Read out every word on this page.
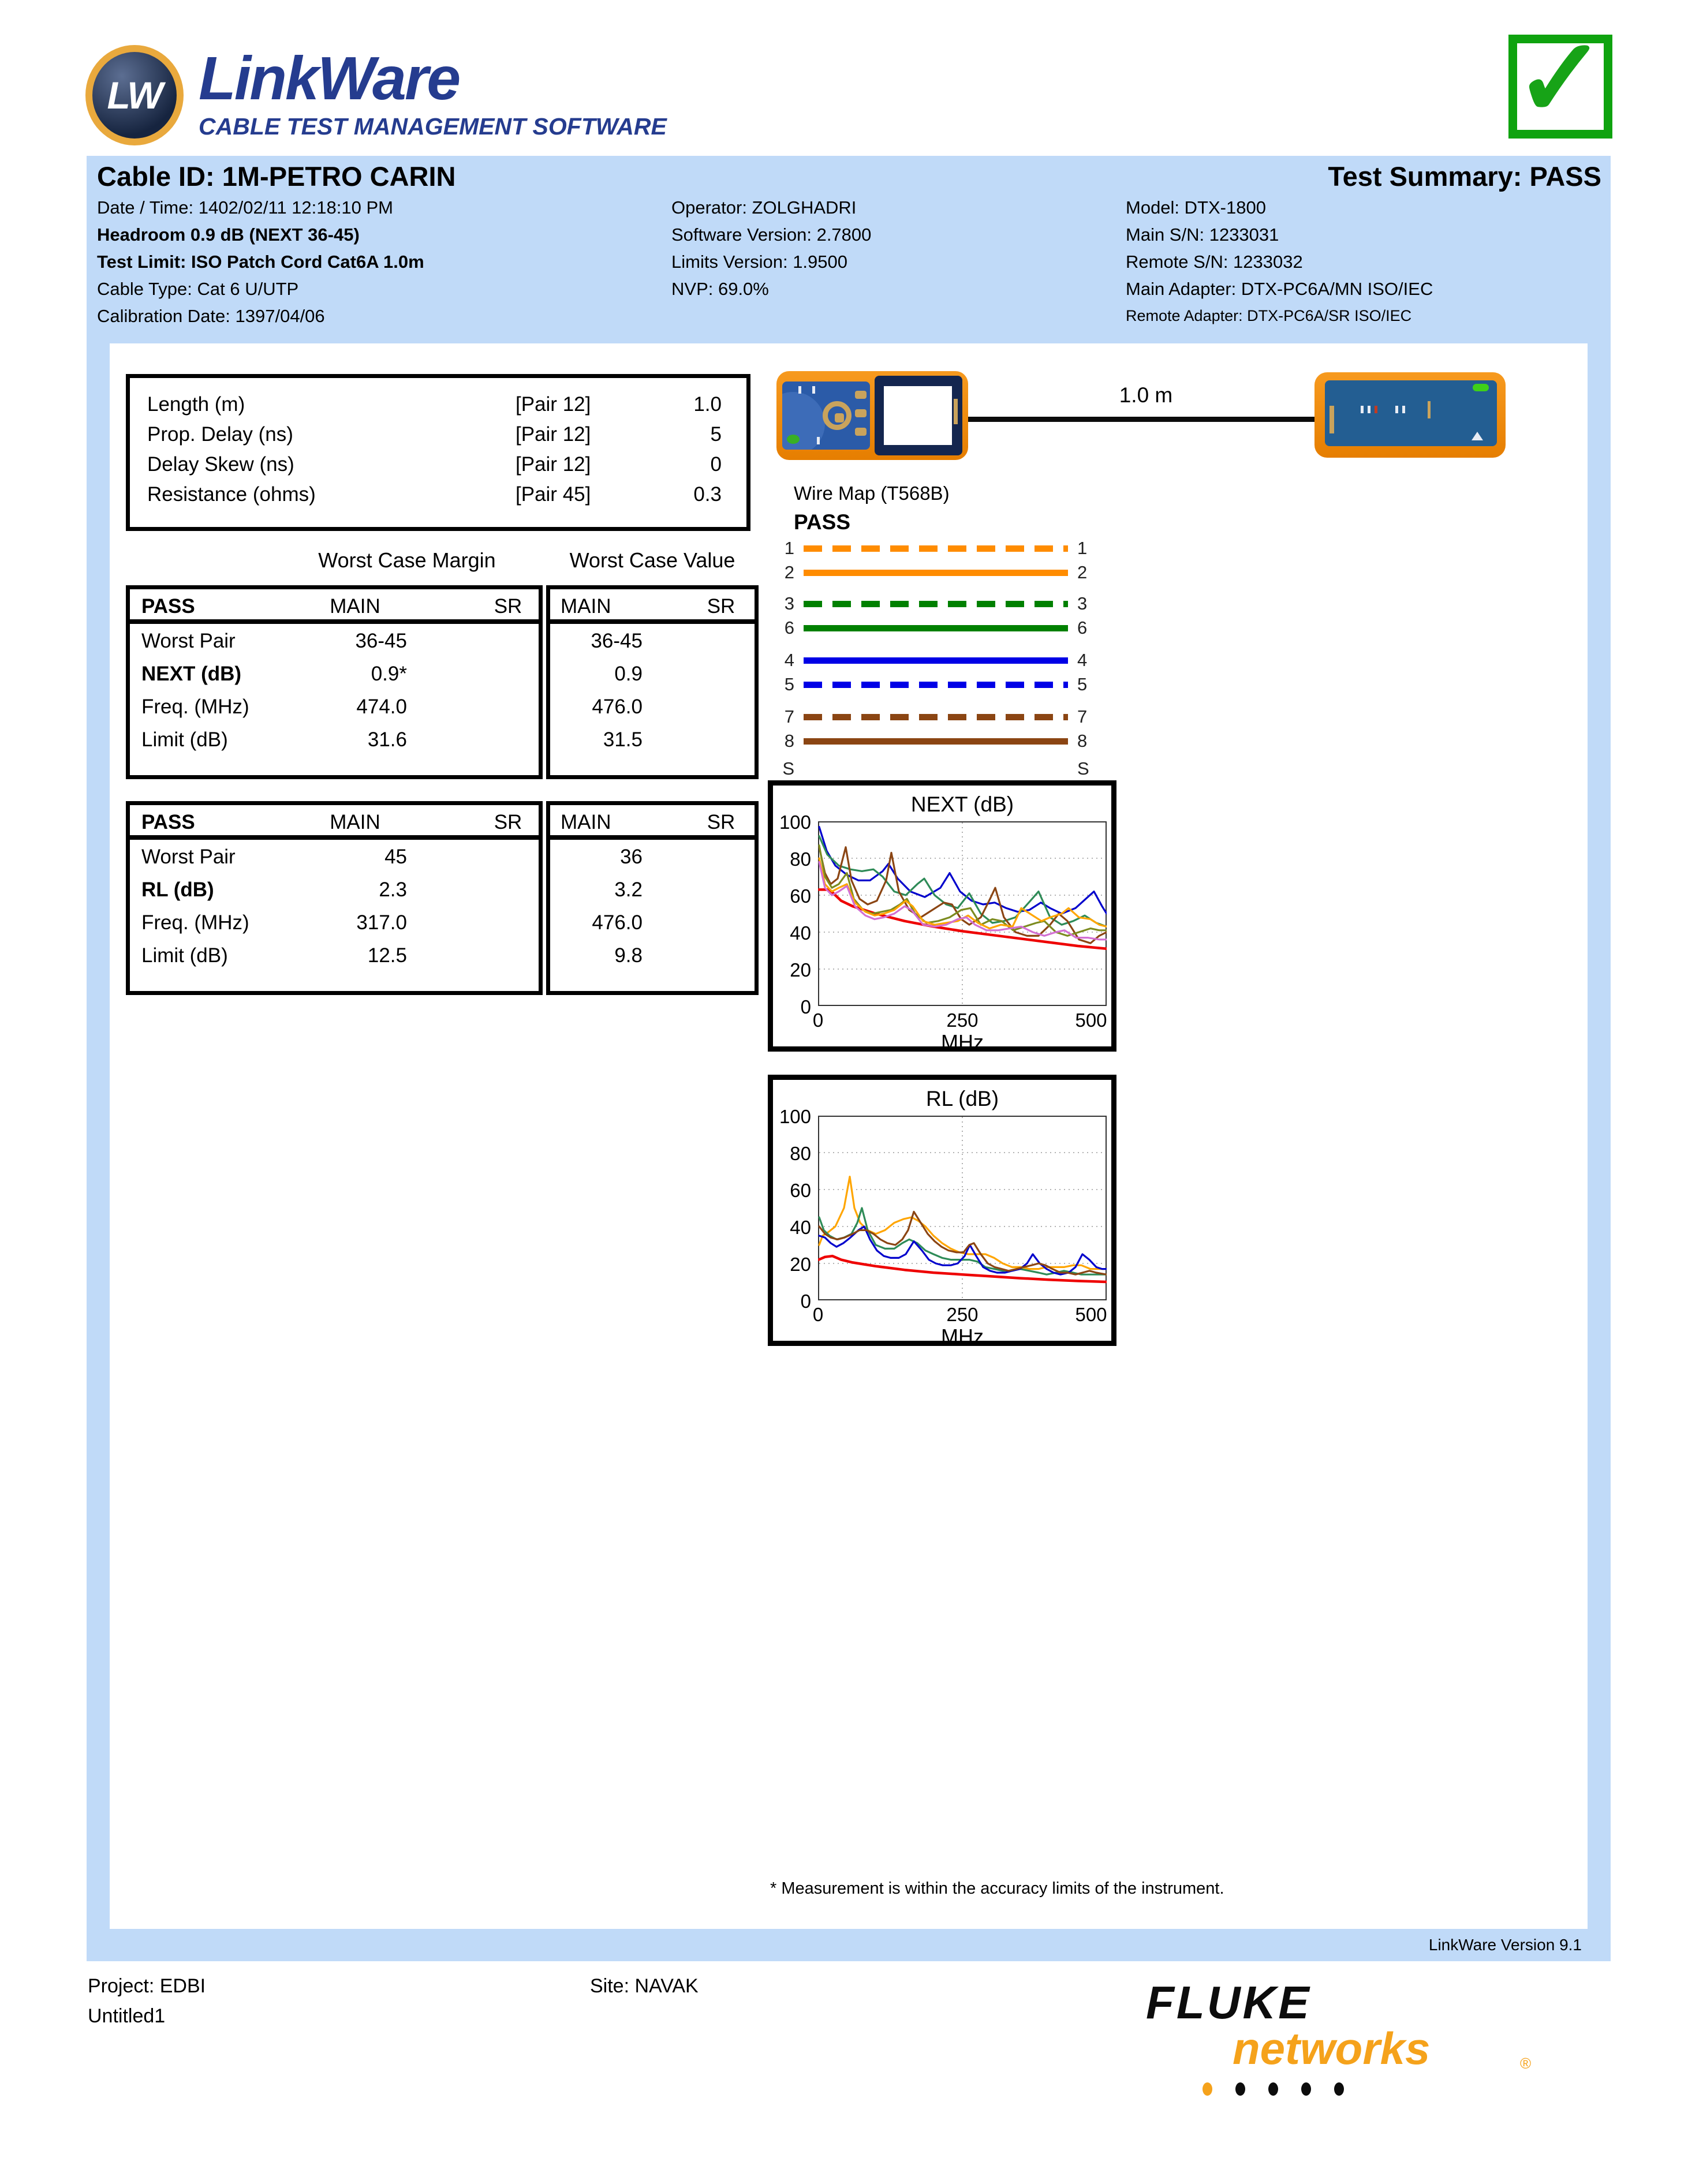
LW LinkWare
CABLE TEST MANAGEMENT SOFTWARE	✓
Cable ID: 1M-PETRO CARIN	Test Summary: PASS
Date / Time: 1402/02/11 12:18:10 PM
Headroom 0.9 dB (NEXT 36-45)
Test Limit: ISO Patch Cord Cat6A 1.0m
Cable Type: Cat 6 U/UTP
Calibration Date: 1397/04/06
Operator: ZOLGHADRI
Software Version: 2.7800
Limits Version: 1.9500
NVP: 69.0%
Model: DTX-1800
Main S/N: 1233031
Remote S/N: 1233032
Main Adapter: DTX-PC6A/MN ISO/IEC
Remote Adapter: DTX-PC6A/SR ISO/IEC
LinkWare Version 9.1
Length (m)	[Pair 12]	1.0
Prop. Delay (ns)	[Pair 12]	5
Delay Skew (ns)	[Pair 12]	0
Resistance (ohms)	[Pair 45]	0.3
Worst Case Margin	Worst Case Value
PASS	MAIN	SR
Worst Pair	36-45
NEXT (dB)	0.9*
Freq. (MHz)	474.0
Limit (dB)	31.6
MAIN	SR
36-45
0.9
476.0
31.5
PASS	MAIN	SR
Worst Pair	45
RL (dB)	2.3
Freq. (MHz)	317.0
Limit (dB)	12.5
MAIN	SR
36
3.2
476.0
9.8
1.0 m
Wire Map (T568B)
PASS
1	1
2	2
3	3
6	6
4	4
5	5
7	7
8	8
S	S
NEXT (dB)
MHz
100
80
60
40
20
0
0	250	500
RL (dB)
MHz
100
80
60
40
20
0
0	250	500
* Measurement is within the accuracy limits of the instrument.
Project: EDBI
Untitled1
Site: NAVAK	FLUKE
networks	®
